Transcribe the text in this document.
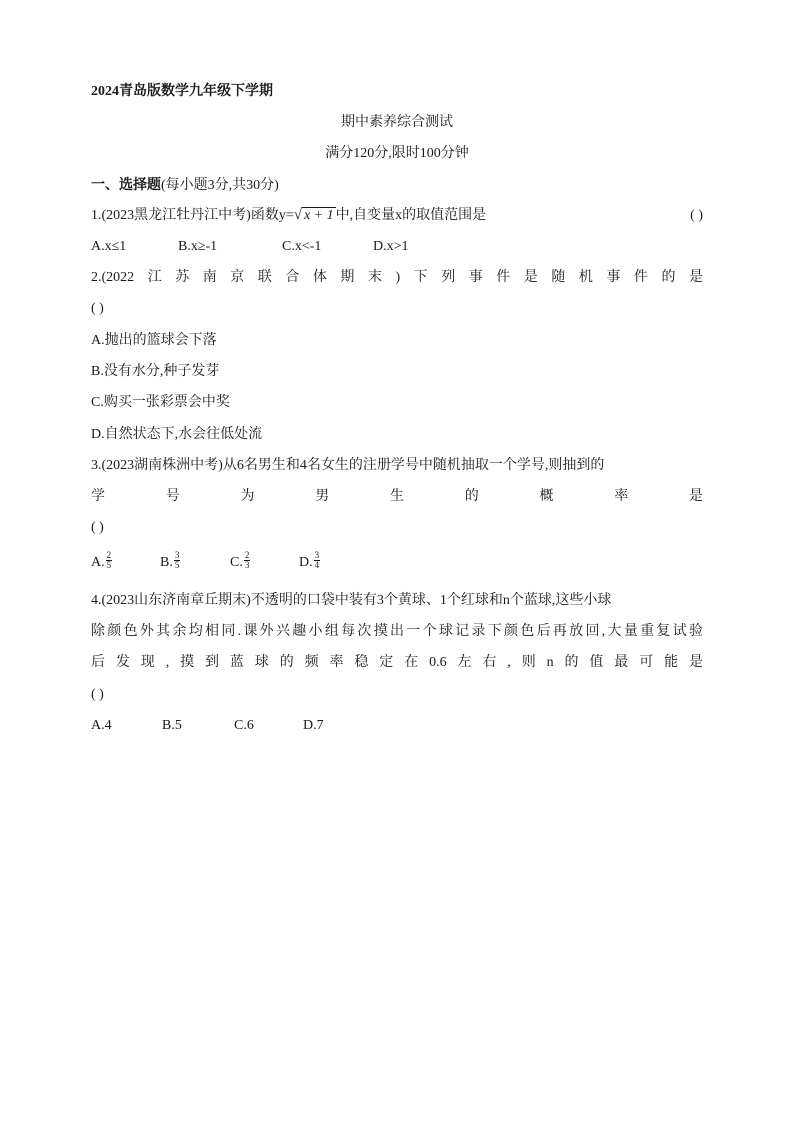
2024青岛版数学九年级下学期
期中素养综合测试
满分120分,限时100分钟
一、选择题(每小题3分,共30分)
1.(2023黑龙江牡丹江中考)函数y= √ x + 1 中,自变量x的取值范围是	( )
A.x≤1	B.x≥-1	C.x<-1	D.x>1
2.(2022江苏南京联合体期末)下列事件是随机事件的是
( )
A.抛出的篮球会下落
B.没有水分,种子发芽
C.购买一张彩票会中奖
D.自然状态下,水会往低处流
3.(2023湖南株洲中考)从6名男生和4名女生的注册学号中随机抽取一个学号,则抽到的
学号为男生的概率是
( )
A. $\frac{2}{5}$	B. $\frac{3}{5}$	C. $\frac{2}{3}$	D. $\frac{3}{4}$
4.(2023山东济南章丘期末)不透明的口袋中装有3个黄球、1个红球和n个蓝球,这些小球
除颜色外其余均相同.课外兴趣小组每次摸出一个球记录下颜色后再放回,大量重复试验
后发现,摸到蓝球的频率稳定在0.6左右,则n的值最可能是
( )
A.4	B.5	C.6	D.7
